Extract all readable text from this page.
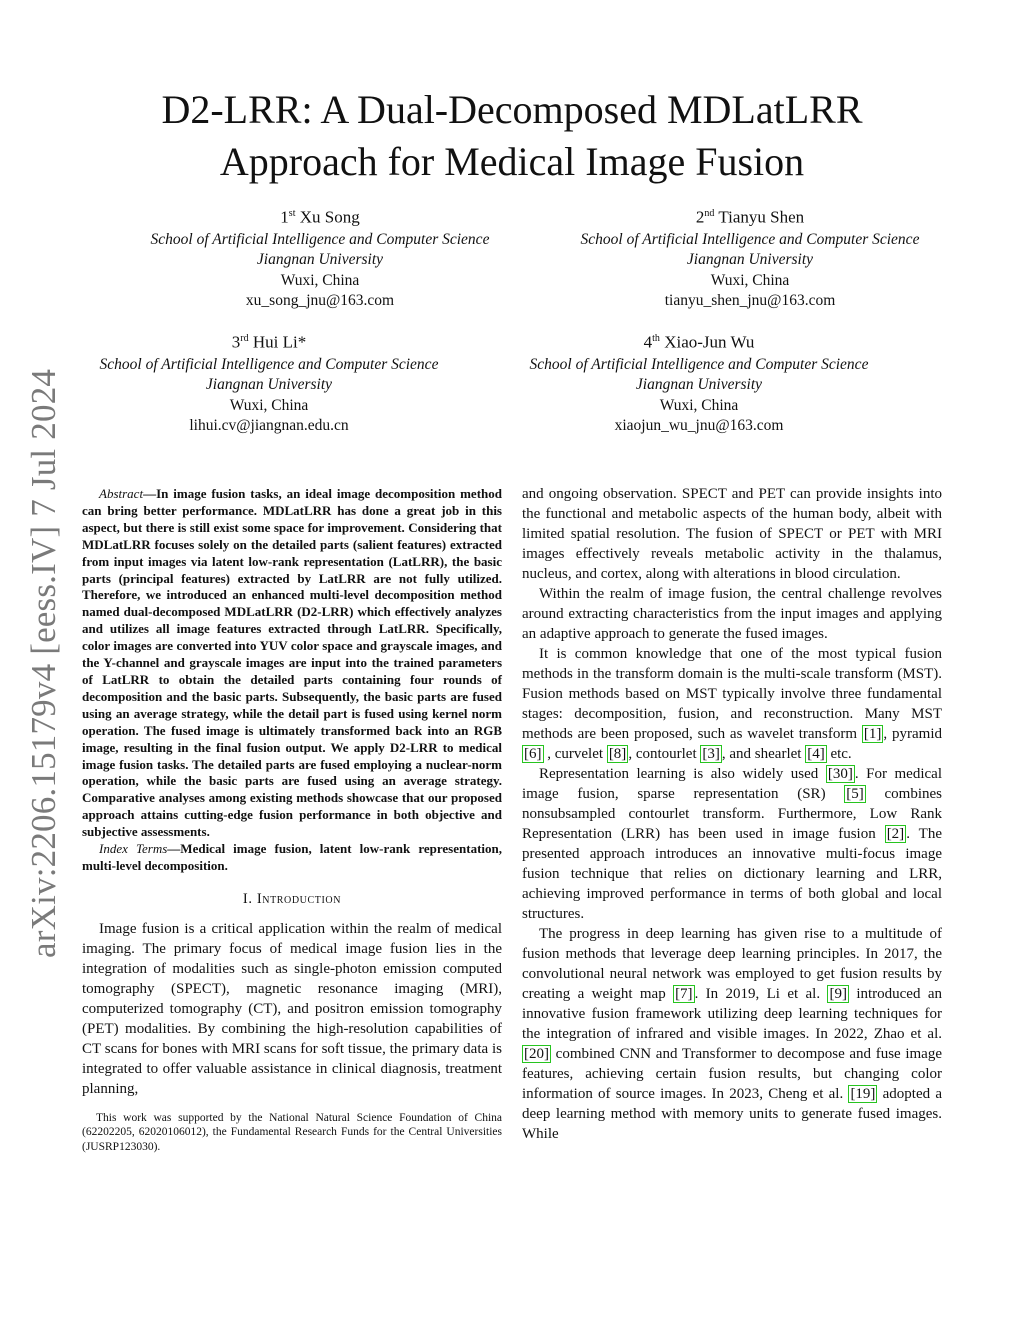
arXiv:2206.15179v4 [eess.IV] 7 Jul 2024
D2-LRR: A Dual-Decomposed MDLatLRR
Approach for Medical Image Fusion
1st Xu Song
School of Artificial Intelligence and Computer Science
Jiangnan University
Wuxi, China
xu_song_jnu@163.com
2nd Tianyu Shen
School of Artificial Intelligence and Computer Science
Jiangnan University
Wuxi, China
tianyu_shen_jnu@163.com
3rd Hui Li*
School of Artificial Intelligence and Computer Science
Jiangnan University
Wuxi, China
lihui.cv@jiangnan.edu.cn
4th Xiao-Jun Wu
School of Artificial Intelligence and Computer Science
Jiangnan University
Wuxi, China
xiaojun_wu_jnu@163.com

Abstract—In image fusion tasks, an ideal image decomposition method can bring better performance. MDLatLRR has done a great job in this aspect, but there is still exist some space for improvement. Considering that MDLatLRR focuses solely on the detailed parts (salient features) extracted from input images via latent low-rank representation (LatLRR), the basic parts (principal features) extracted by LatLRR are not fully utilized. Therefore, we introduced an enhanced multi-level decomposition method named dual-decomposed MDLatLRR (D2-LRR) which effectively analyzes and utilizes all image features extracted through LatLRR. Specifically, color images are converted into YUV color space and grayscale images, and the Y-channel and grayscale images are input into the trained parameters of LatLRR to obtain the detailed parts containing four rounds of decomposition and the basic parts. Subsequently, the basic parts are fused using an average strategy, while the detail part is fused using kernel norm operation. The fused image is ultimately transformed back into an RGB image, resulting in the final fusion output. We apply D2-LRR to medical image fusion tasks. The detailed parts are fused employing a nuclear-norm operation, while the basic parts are fused using an average strategy. Comparative analyses among existing methods showcase that our proposed approach attains cutting-edge fusion performance in both objective and subjective assessments.

Index Terms—Medical image fusion, latent low-rank representation, multi-level decomposition.

I. Introduction

Image fusion is a critical application within the realm of medical imaging. The primary focus of medical image fusion lies in the integration of modalities such as single-photon emission computed tomography (SPECT), magnetic resonance imaging (MRI), computerized tomography (CT), and positron emission tomography (PET) modalities. By combining the high-resolution capabilities of CT scans for bones with MRI scans for soft tissue, the primary data is integrated to offer valuable assistance in clinical diagnosis, treatment planning,

This work was supported by the National Natural Science Foundation of China (62202205, 62020106012), the Fundamental Research Funds for the Central Universities (JUSRP123030).

and ongoing observation. SPECT and PET can provide insights into the functional and metabolic aspects of the human body, albeit with limited spatial resolution. The fusion of SPECT or PET with MRI images effectively reveals metabolic activity in the thalamus, nucleus, and cortex, along with alterations in blood circulation.

Within the realm of image fusion, the central challenge revolves around extracting characteristics from the input images and applying an adaptive approach to generate the fused images.

It is common knowledge that one of the most typical fusion methods in the transform domain is the multi-scale transform (MST). Fusion methods based on MST typically involve three fundamental stages: decomposition, fusion, and reconstruction. Many MST methods are been proposed, such as wavelet transform [1] , pyramid [6] , curvelet [8] , contourlet [3] , and shearlet [4] etc.

Representation learning is also widely used [30] . For medical image fusion, sparse representation (SR) [5] combines nonsubsampled contourlet transform. Furthermore, Low Rank Representation (LRR) has been used in image fusion [2] . The presented approach introduces an innovative multi-focus image fusion technique that relies on dictionary learning and LRR, achieving improved performance in terms of both global and local structures.

The progress in deep learning has given rise to a multitude of fusion methods that leverage deep learning principles. In 2017, the convolutional neural network was employed to get fusion results by creating a weight map [7] . In 2019, Li et al. [9] introduced an innovative fusion framework utilizing deep learning techniques for the integration of infrared and visible images. In 2022, Zhao et al. [20] combined CNN and Transformer to decompose and fuse image features, achieving certain fusion results, but changing color information of source images. In 2023, Cheng et al. [19] adopted a deep learning method with memory units to generate fused images. While
